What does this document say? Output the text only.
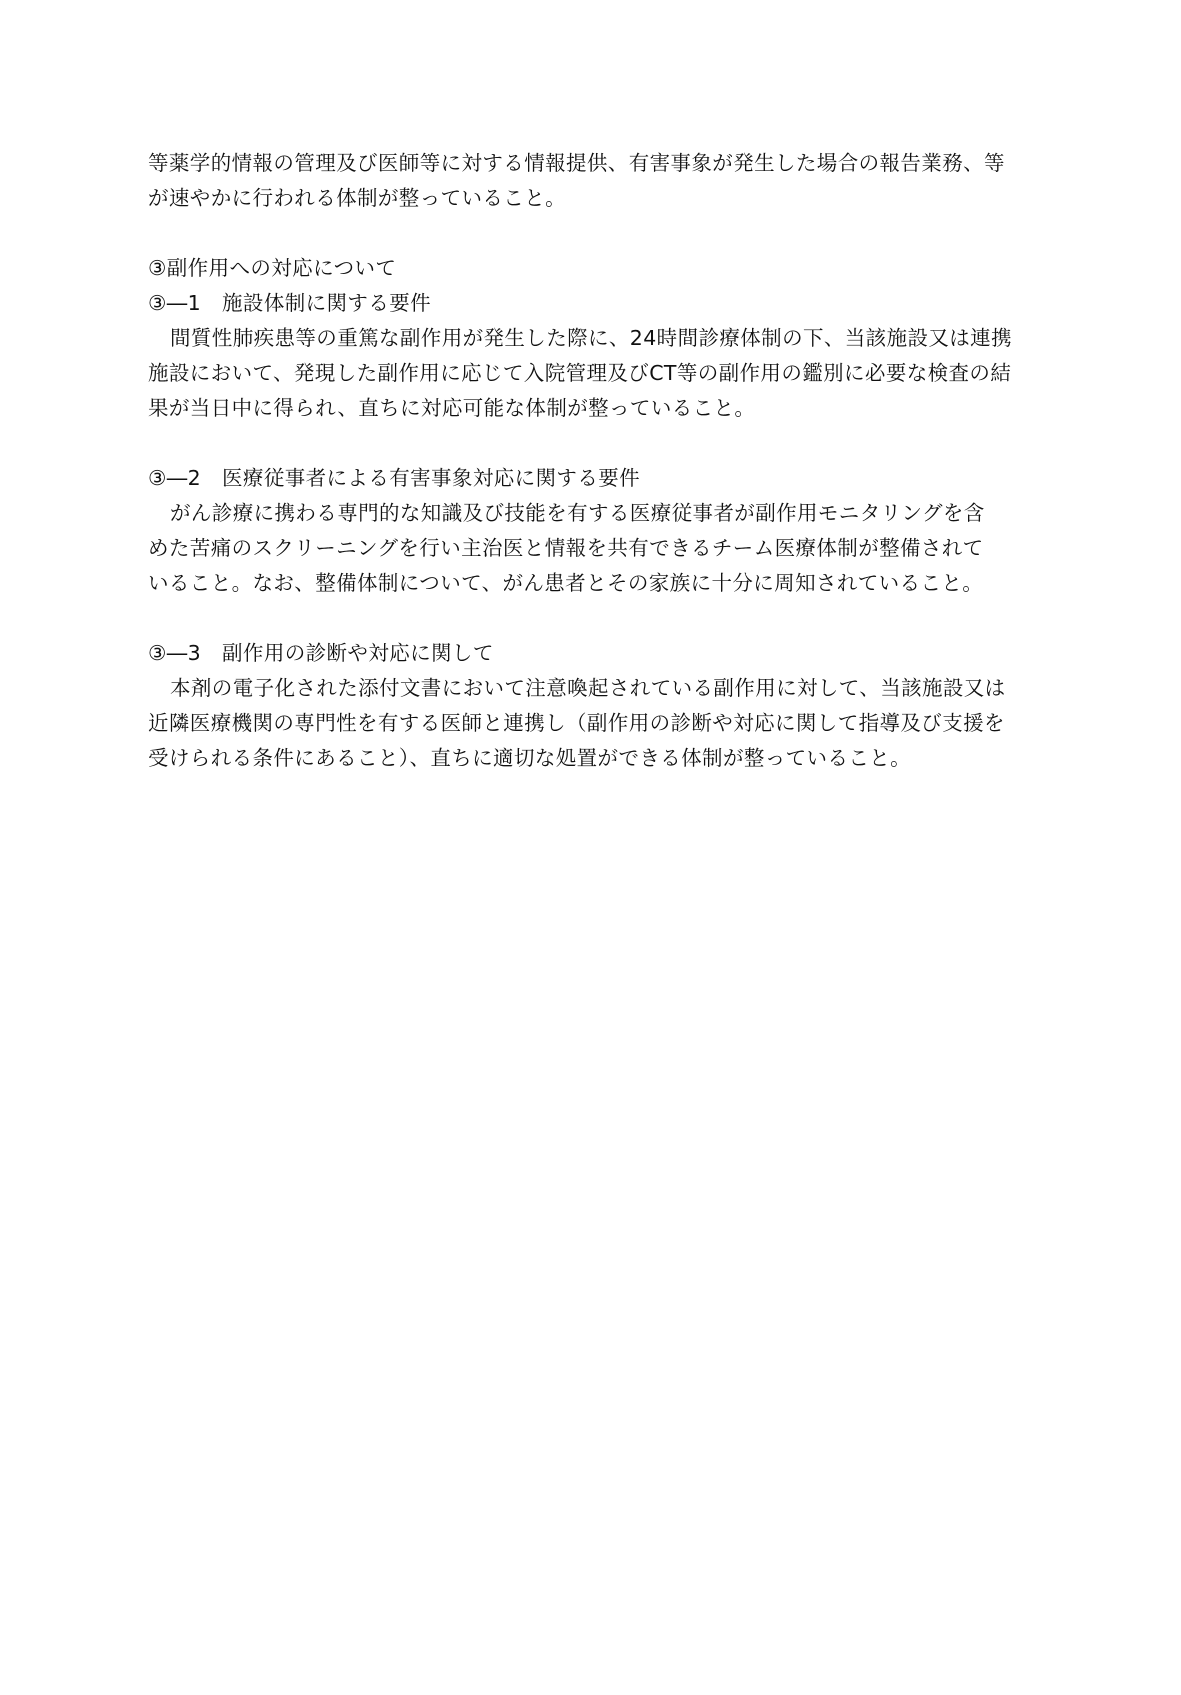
等薬学的情報の管理及び医師等に対する情報提供、有害事象が発生した場合の報告業務、等
が速やかに行われる体制が整っていること。
③副作用への対応について
③―1　施設体制に関する要件
間質性肺疾患等の重篤な副作用が発生した際に、24時間診療体制の下、当該施設又は連携
施設において、発現した副作用に応じて入院管理及びCT等の副作用の鑑別に必要な検査の結
果が当日中に得られ、直ちに対応可能な体制が整っていること。
③―2　医療従事者による有害事象対応に関する要件
がん診療に携わる専門的な知識及び技能を有する医療従事者が副作用モニタリングを含
めた苦痛のスクリーニングを行い主治医と情報を共有できるチーム医療体制が整備されて
いること。なお、整備体制について、がん患者とその家族に十分に周知されていること。
③―3　副作用の診断や対応に関して
本剤の電子化された添付文書において注意喚起されている副作用に対して、当該施設又は
近隣医療機関の専門性を有する医師と連携し（副作用の診断や対応に関して指導及び支援を
受けられる条件にあること）、直ちに適切な処置ができる体制が整っていること。
